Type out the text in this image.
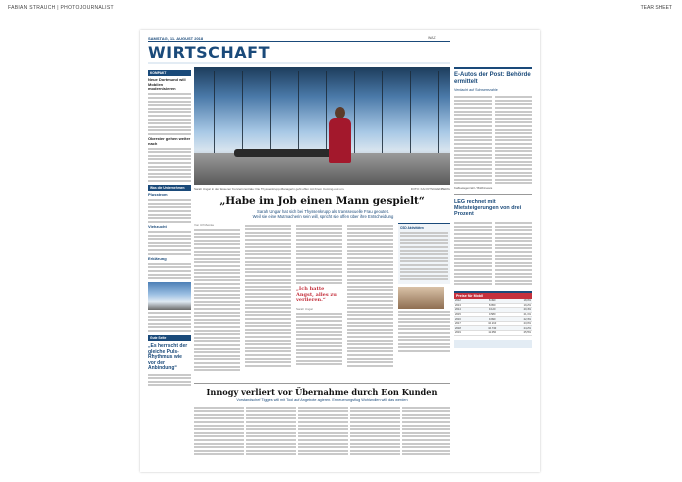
FABIAN STRAUCH | PHOTOJOURNALIST	TEAR SHEET
SAMSTAG, 11. AUGUST 2018	WAZ
WIRTSCHAFT
KOMPAKT
Neue Dortmund will Mobilen modernisieren
Oberster gehen weiter nach
Was die Unternehmen
Plusstrom
Viehzucht
Erklärung
Gute Seite
„Es herrscht der gleiche Puls-Rhythmus wie vor der Anbindung“
Sarah Ungar in der Essener Konzernzentrale: Die Thyssenkrupp-Managerin geht offen mit ihrem Coming-out um.	FOTO: KAI KITSCHENBERG
„Habe im Job einen Mann gespielt“
Sarah Ungar hat sich bei Thyssenkrupp als transsexuelle Frau geoutet.
Weil sie eine Mutmacherin sein will, spricht sie offen über ihre Entscheidung
Von Ulf Meinke
„Ich hatte Angst, alles zu verlieren.“
Sarah Ungar
CSD Aktivitäten
Innogy verliert vor Übernahme durch Eon Kunden
Vorstandschef Tigges will mit Tool auf Angebote agieren. Erneuerungsflug Wohlwollen will das werden
E-Autos der Post: Behörde ermittelt
Verdacht auf Schwerezahle
Kaffeelagerzahl / Bildhinweis
LEG rechnet mit Mietsteigerungen von drei Prozent
Preise für Mobil
2012	8.490	18,0%
2013	8.950	19,2%
2014	9.120	20,4%
2015	9.580	21,1%
2016	9.990	22,3%
2017	10.210	23,0%
2018	10.740	24,2%
2019	11.050	25,5%
